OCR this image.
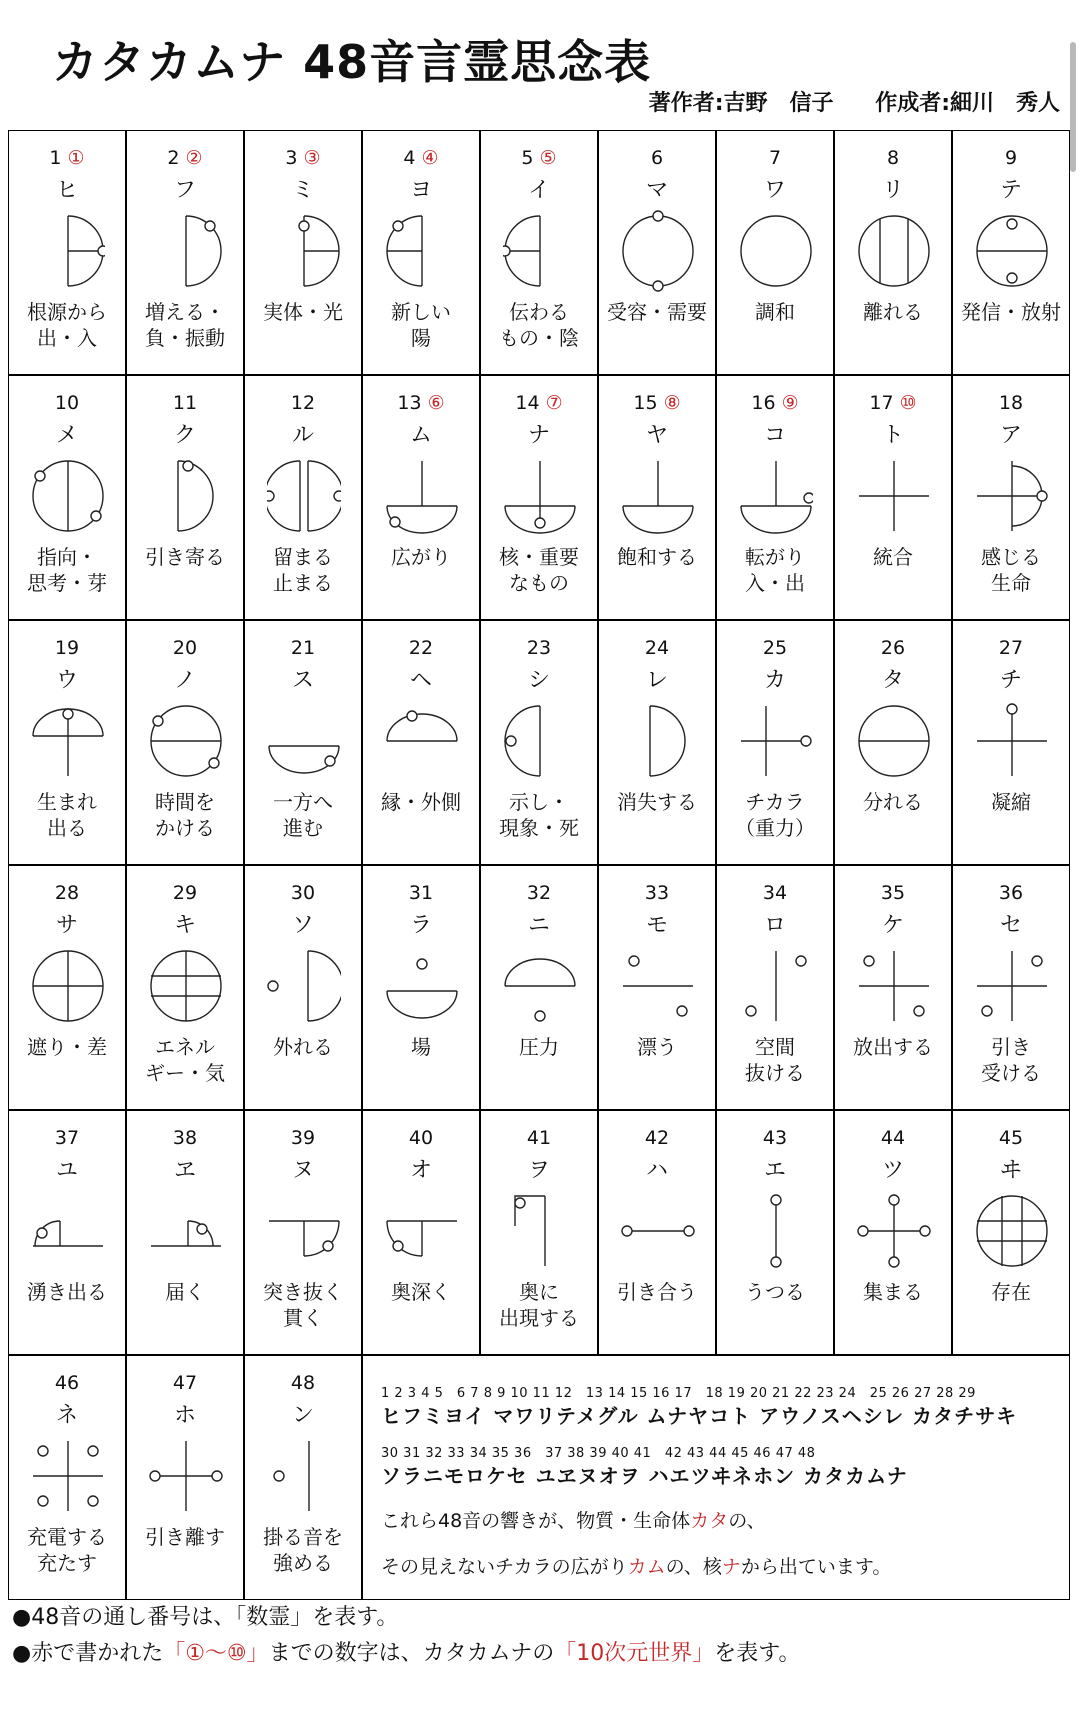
カタカムナ 48音言霊思念表
著作者:吉野　信子 作成者:細川　秀人
1 ①
ヒ
根源から
出・入
2 ②
フ
増える・
負・振動
3 ③
ミ
実体・光
4 ④
ヨ
新しい
陽
5 ⑤
イ
伝わる
もの・陰
6
マ
受容・需要
7
ワ
調和
8
リ
離れる
9
テ
発信・放射
10
メ
指向・
思考・芽
11
ク
引き寄る
12
ル
留まる
止まる
13 ⑥
ム
広がり
14 ⑦
ナ
核・重要
なもの
15 ⑧
ヤ
飽和する
16 ⑨
コ
転がり
入・出
17 ⑩
ト
統合
18
ア
感じる
生命
19
ウ
生まれ
出る
20
ノ
時間を
かける
21
ス
一方へ
進む
22
ヘ
縁・外側
23
シ
示し・
現象・死
24
レ
消失する
25
カ
チカラ
（重力）
26
タ
分れる
27
チ
凝縮
28
サ
遮り・差
29
キ
エネル
ギー・気
30
ソ
外れる
31
ラ
場
32
ニ
圧力
33
モ
漂う
34
ロ
空間
抜ける
35
ケ
放出する
36
セ
引き
受ける
37
ユ
湧き出る
38
ヱ
届く
39
ヌ
突き抜く
貫く
40
オ
奥深く
41
ヲ
奥に
出現する
42
ハ
引き合う
43
エ
うつる
44
ツ
集まる
45
ヰ
存在
46
ネ
充電する
充たす
47
ホ
引き離す
48
ン
掛る音を
強める
1 2 3 4 5　6 7 8 9 10 11 12　13 14 15 16 17　18 19 20 21 22 23 24　25 26 27 28 29
ヒフミヨイ マワリテメグル ムナヤコト アウノスヘシレ カタチサキ
30 31 32 33 34 35 36　37 38 39 40 41　42 43 44 45 46 47 48
ソラニモロケセ ユヱヌオヲ ハエツヰネホン カタカムナ
これら48音の響きが、物質・生命体カタの、
その見えないチカラの広がりカムの、核ナから出ています。
●48音の通し番号は、「数霊」を表す。
●赤で書かれた「①～⑩」までの数字は、カタカムナの「10次元世界」を表す。
